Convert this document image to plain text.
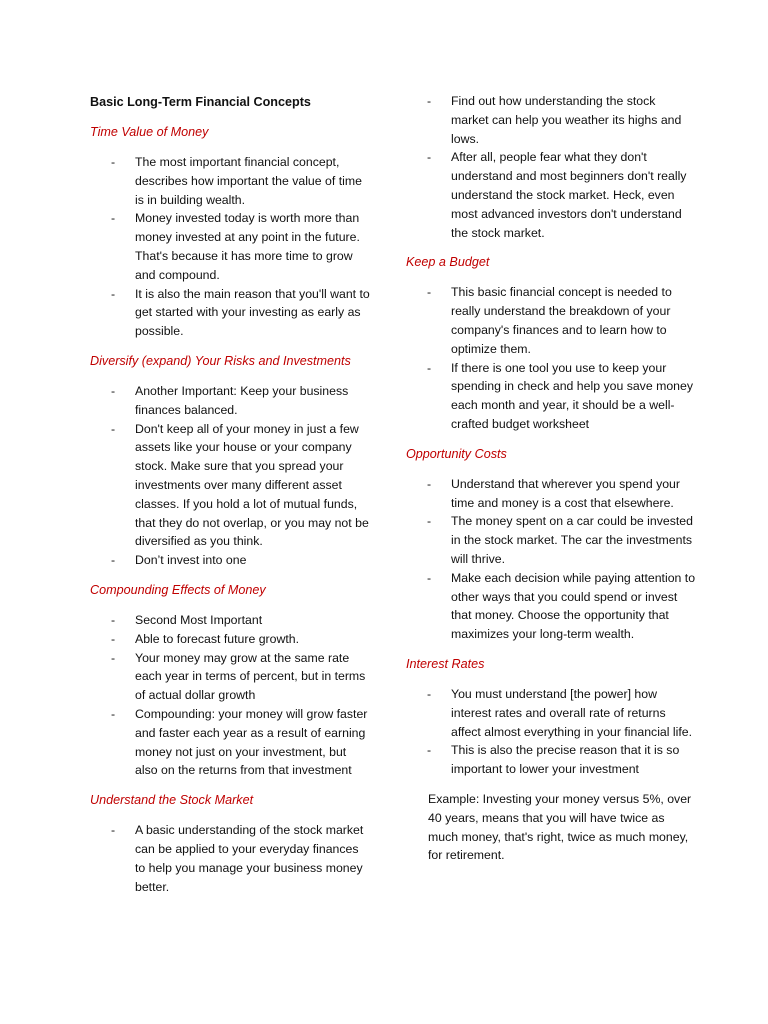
Basic Long-Term Financial Concepts
Time Value of Money
- The most important financial concept, describes how important the value of time is in building wealth.
- Money invested today is worth more than money invested at any point in the future. That's because it has more time to grow and compound.
- It is also the main reason that you'll want to get started with your investing as early as possible.
Diversify (expand) Your Risks and Investments
- Another Important: Keep your business finances balanced.
- Don't keep all of your money in just a few assets like your house or your company stock. Make sure that you spread your investments over many different asset classes. If you hold a lot of mutual funds, that they do not overlap, or you may not be diversified as you think.
- Don’t invest into one
Compounding Effects of Money
- Second Most Important
- Able to forecast future growth.
- Your money may grow at the same rate each year in terms of percent, but in terms of actual dollar growth
- Compounding: your money will grow faster and faster each year as a result of earning money not just on your investment, but also on the returns from that investment
Understand the Stock Market
- A basic understanding of the stock market can be applied to your everyday finances to help you manage your business money better.
- Find out how understanding the stock market can help you weather its highs and lows.
- After all, people fear what they don't understand and most beginners don't really understand the stock market. Heck, even most advanced investors don't understand the stock market.
Keep a Budget
- This basic financial concept is needed to really understand the breakdown of your company's finances and to learn how to optimize them.
- If there is one tool you use to keep your spending in check and help you save money each month and year, it should be a well-crafted budget worksheet
Opportunity Costs
- Understand that wherever you spend your time and money is a cost that elsewhere.
- The money spent on a car could be invested in the stock market. The car the investments will thrive.
- Make each decision while paying attention to other ways that you could spend or invest that money. Choose the opportunity that maximizes your long-term wealth.
Interest Rates
- You must understand [the power] how interest rates and overall rate of returns affect almost everything in your financial life.
- This is also the precise reason that it is so important to lower your investment
Example: Investing your money versus 5%, over 40 years, means that you will have twice as much money, that's right, twice as much money, for retirement.
